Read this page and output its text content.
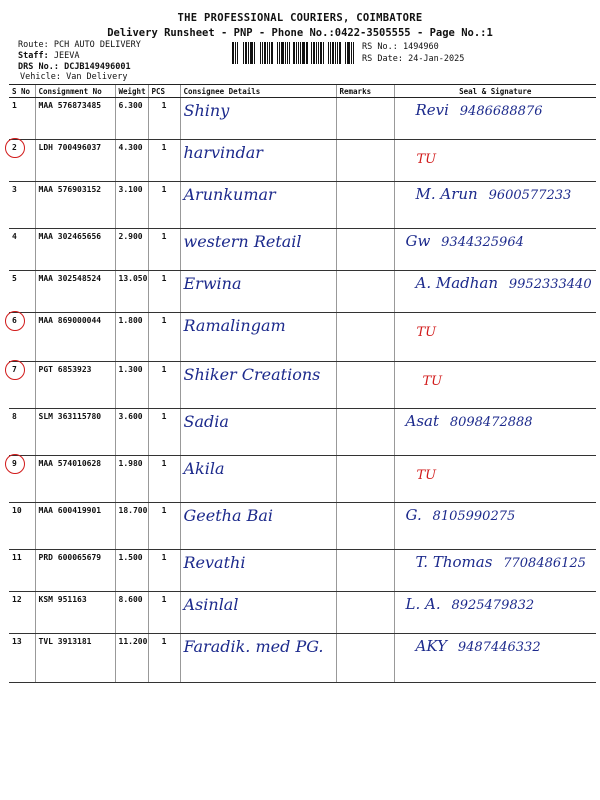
THE PROFESSIONAL COURIERS, COIMBATORE
Delivery Runsheet - PNP - Phone No.:0422-3505555 - Page No.:1
Route: PCH AUTO DELIVERY
Staff: JEEVA
DRS No.: DCJB149496001
Vehicle: Van Delivery
RS No.: 1494960
RS Date: 24-Jan-2025
S No	Consignment No	Weight	PCS	Consignee Details	Remarks	Seal & Signature
1	MAA 576873485	6.300	1	Shiny		Revi 9486688876

2	LDH 700496037	4.300	1	harvindar		TU

3	MAA 576903152	3.100	1	Arunkumar		M. Arun 9600577233
4	MAA 302465656	2.900	1	western Retail		Gw 9344325964
5	MAA 302548524	13.050	1	Erwina		A. Madhan 9952333440

6	MAA 869000044	1.800	1	Ramalingam		TU

7	PGT 6853923	1.300	1	Shiker Creations		TU

8	SLM 363115780	3.600	1	Sadia		Asat 8098472888

9	MAA 574010628	1.980	1	Akila		TU

10	MAA 600419901	18.700	1	Geetha Bai		G. 8105990275
11	PRD 600065679	1.500	1	Revathi		T. Thomas 7708486125
12	KSM 951163	8.600	1	Asinlal		L. A. 8925479832
13	TVL 3913181	11.200	1	Faradik. med PG.		AKY 9487446332
